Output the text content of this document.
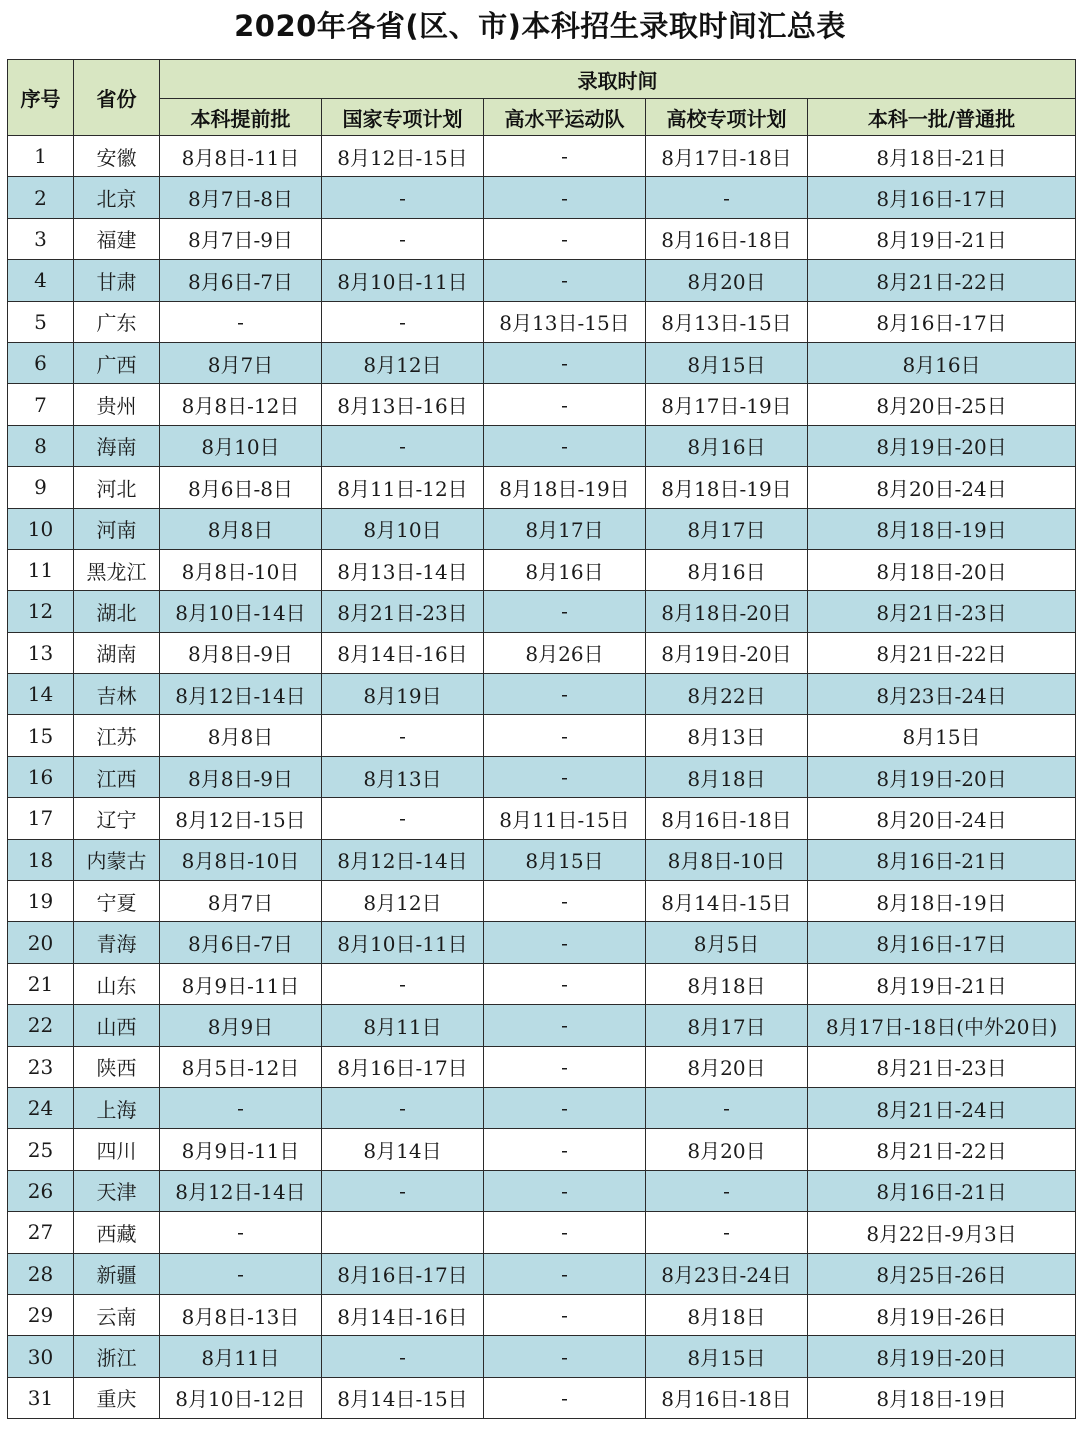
2020年各省(区、市)本科招生录取时间汇总表
序号	省份	录取时间				
		本科提前批	国家专项计划	高水平运动队	高校专项计划	本科一批/普通批
1	安徽	8月8日-11日	8月12日-15日	-	8月17日-18日	8月18日-21日
2	北京	8月7日-8日	-	-	-	8月16日-17日
3	福建	8月7日-9日	-	-	8月16日-18日	8月19日-21日
4	甘肃	8月6日-7日	8月10日-11日	-	8月20日	8月21日-22日
5	广东	-	-	8月13日-15日	8月13日-15日	8月16日-17日
6	广西	8月7日	8月12日	-	8月15日	8月16日
7	贵州	8月8日-12日	8月13日-16日	-	8月17日-19日	8月20日-25日
8	海南	8月10日	-	-	8月16日	8月19日-20日
9	河北	8月6日-8日	8月11日-12日	8月18日-19日	8月18日-19日	8月20日-24日
10	河南	8月8日	8月10日	8月17日	8月17日	8月18日-19日
11	黑龙江	8月8日-10日	8月13日-14日	8月16日	8月16日	8月18日-20日
12	湖北	8月10日-14日	8月21日-23日	-	8月18日-20日	8月21日-23日
13	湖南	8月8日-9日	8月14日-16日	8月26日	8月19日-20日	8月21日-22日
14	吉林	8月12日-14日	8月19日	-	8月22日	8月23日-24日
15	江苏	8月8日	-	-	8月13日	8月15日
16	江西	8月8日-9日	8月13日	-	8月18日	8月19日-20日
17	辽宁	8月12日-15日	-	8月11日-15日	8月16日-18日	8月20日-24日
18	内蒙古	8月8日-10日	8月12日-14日	8月15日	8月8日-10日	8月16日-21日
19	宁夏	8月7日	8月12日	-	8月14日-15日	8月18日-19日
20	青海	8月6日-7日	8月10日-11日	-	8月5日	8月16日-17日
21	山东	8月9日-11日	-	-	8月18日	8月19日-21日
22	山西	8月9日	8月11日	-	8月17日	8月17日-18日(中外20日)
23	陕西	8月5日-12日	8月16日-17日	-	8月20日	8月21日-23日
24	上海	-	-	-	-	8月21日-24日
25	四川	8月9日-11日	8月14日	-	8月20日	8月21日-22日
26	天津	8月12日-14日	-	-	-	8月16日-21日
27	西藏	-		-	-	8月22日-9月3日
28	新疆	-	8月16日-17日	-	8月23日-24日	8月25日-26日
29	云南	8月8日-13日	8月14日-16日	-	8月18日	8月19日-26日
30	浙江	8月11日	-	-	8月15日	8月19日-20日
31	重庆	8月10日-12日	8月14日-15日	-	8月16日-18日	8月18日-19日
